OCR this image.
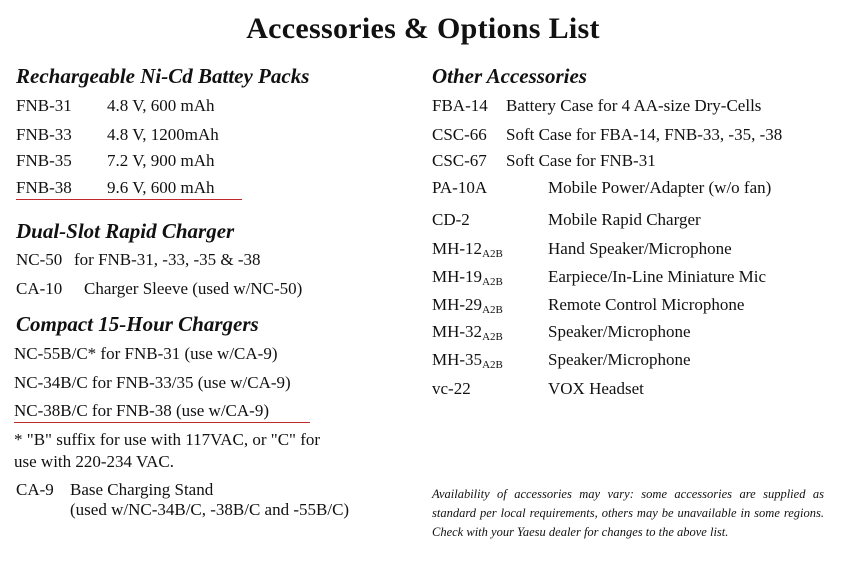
Accessories & Options List
Rechargeable Ni-Cd Battey Packs
FNB-31 4.8 V, 600 mAh
FNB-33 4.8 V, 1200mAh
FNB-35 7.2 V, 900 mAh
FNB-38 9.6 V, 600 mAh
Dual-Slot Rapid Charger
NC-50 for FNB-31, -33, -35 & -38
CA-10 Charger Sleeve (used w/NC-50)
Compact 15-Hour Chargers
NC-55B/C* for FNB-31 (use w/CA-9)
NC-34B/C for FNB-33/35 (use w/CA-9)
NC-38B/C for FNB-38 (use w/CA-9)
* "B" suffix for use with 117VAC, or "C" for
use with 220-234 VAC.
CA-9 Base Charging Stand
(used w/NC-34B/C, -38B/C and -55B/C)
Other Accessories
FBA-14 Battery Case for 4 AA-size Dry-Cells
CSC-66 Soft Case for FBA-14, FNB-33, -35, -38
CSC-67 Soft Case for FNB-31
PA-10A	Mobile Power/Adapter (w/o fan)
CD-2	Mobile Rapid Charger
$MH-12_{A2B}$	Hand Speaker/Microphone
$MH-19_{A2B}$	Earpiece/In-Line Miniature Mic
$MH-29_{A2B}$	Remote Control Microphone
$MH-32_{A2B}$	Speaker/Microphone
$MH-35_{A2B}$	Speaker/Microphone
vc-22	VOX Headset
Availability of accessories may vary: some accessories are supplied as standard per local requirements, others may be unavailable in some regions. Check with your Yaesu dealer for changes to the above list.
